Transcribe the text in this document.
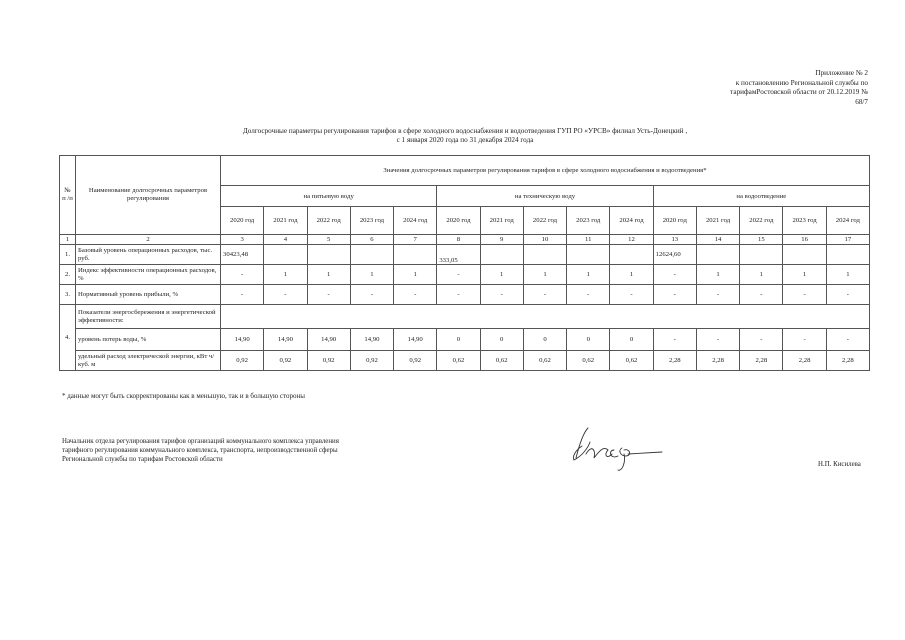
Приложение № 2
к постановлению Региональной службы по
тарифамРостовской области от 20.12.2019 №
68/7
Долгосрочные параметры регулирования тарифов в сфере холодного водоснабжения и водоотведения ГУП РО «УРСВ» филиал Усть-Донецкий ,
с 1 января 2020 года по 31 декабря 2024 года
№ п /п	Наименование долгосрочных параметров регулирования	Значения долгосрочных параметров регулирования тарифов в сфере холодного водоснабжения и водоотведения*														
		на питьевую воду					на техническую воду					на водоотведение				
		2020 год	2021 год	2022 год	2023 год	2024 год	2020 год	2021 год	2022 год	2023 год	2024 год	2020 год	2021 год	2022 год	2023 год	2024 год
1	2	3	4	5	6	7	8	9	10	11	12	13	14	15	16	17
1.	Базовый уровень операционных расходов, тыс. руб.	30423,48					333,05					12624,60				
2.	Индекс эффективности операционных расходов, %	-	1	1	1	1	-	1	1	1	1	-	1	1	1	1
3.	Нормативный уровень прибыли, %	-	-	-	-	-	-	-	-	-	-	-	-	-	-	-
4.	Показатели энергосбережения и энергетической эффективности:															
	уровень потерь воды, %	14,90	14,90	14,90	14,90	14,90	0	0	0	0	0	-	-	-	-	-
	удельный расход электрической энергии, кВт ч/куб. м	0,92	0,92	0,92	0,92	0,92	0,62	0,62	0,62	0,62	0,62	2,28	2,28	2,28	2,28	2,28
* данные могут быть скорректированы как в меньшую, так и в большую стороны
Начальник отдела регулирования тарифов организаций коммунального комплекса управления
тарифного регулирования коммунального комплекса, транспорта, непроизводственной сферы
Региональной службы по тарифам Ростовской области
Н.П. Кисилева
